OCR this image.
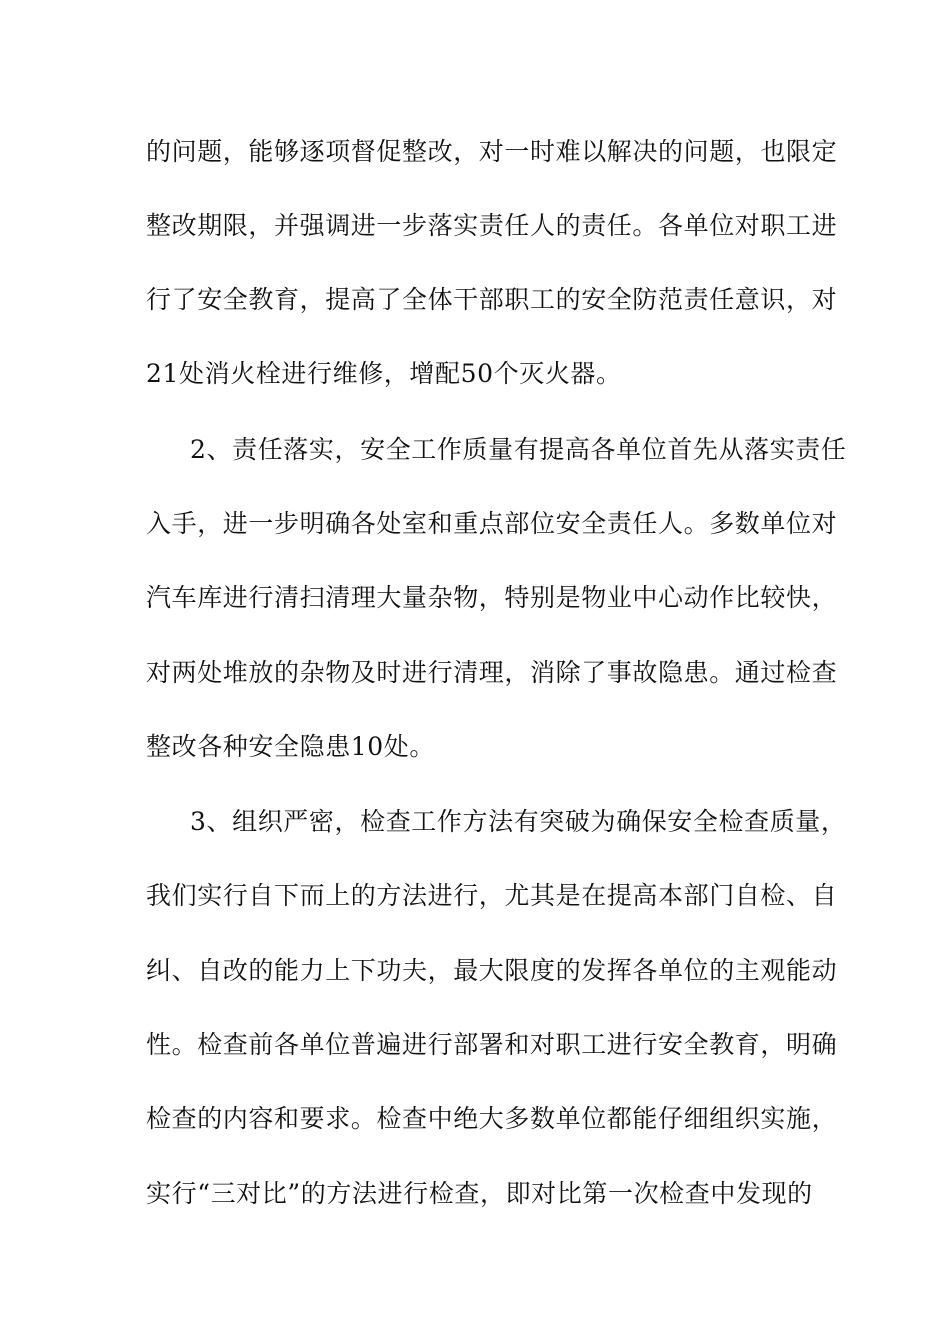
的问题，能够逐项督促整改，对一时难以解决的问题，也限定
整改期限，并强调进一步落实责任人的责任。各单位对职工进
行了安全教育，提高了全体干部职工的安全防范责任意识，对
21处消火栓进行维修，增配50个灭火器。
2、责任落实，安全工作质量有提高各单位首先从落实责任
入手，进一步明确各处室和重点部位安全责任人。多数单位对
汽车库进行清扫清理大量杂物，特别是物业中心动作比较快，
对两处堆放的杂物及时进行清理，消除了事故隐患。通过检查
整改各种安全隐患10处。
3、组织严密，检查工作方法有突破为确保安全检查质量，
我们实行自下而上的方法进行，尤其是在提高本部门自检、自
纠、自改的能力上下功夫，最大限度的发挥各单位的主观能动
性。检查前各单位普遍进行部署和对职工进行安全教育，明确
检查的内容和要求。检查中绝大多数单位都能仔细组织实施，
实行“三对比”的方法进行检查，即对比第一次检查中发现的
